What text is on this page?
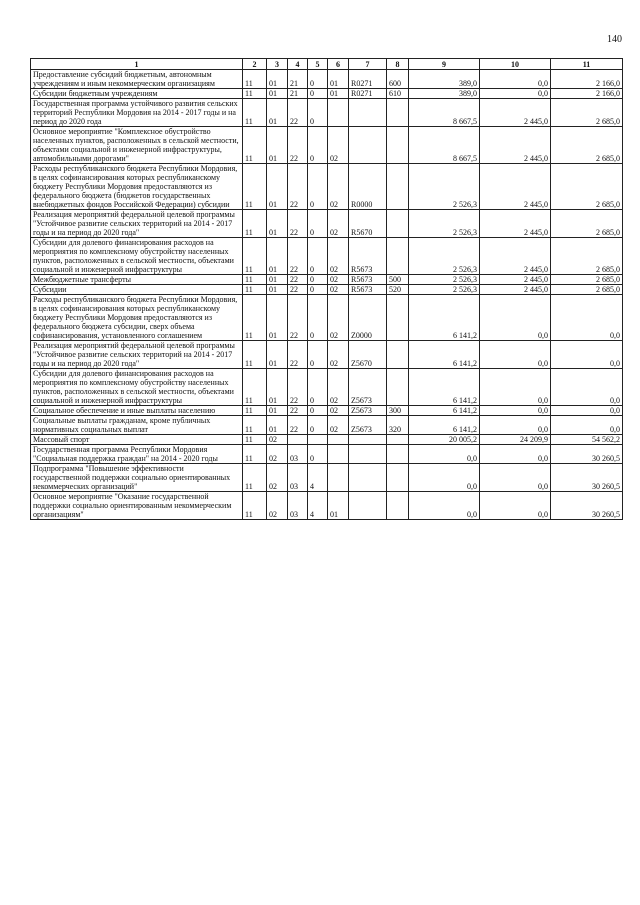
140
1	2	3	4	5	6	7	8	9	10	11
Предоставление субсидий бюджетным, автономным учреждениям и иным некоммерческим организациям	11	01	21	0	01	R0271	600	389,0	0,0	2 166,0
Субсидии бюджетным учреждениям	11	01	21	0	01	R0271	610	389,0	0,0	2 166,0
Государственная программа устойчивого развития сельских территорий Республики Мордовия на 2014 - 2017 годы и на период до 2020 года	11	01	22	0				8 667,5	2 445,0	2 685,0
Основное мероприятие "Комплексное обустройство населенных пунктов, расположенных в сельской местности, объектами социальной и инженерной инфраструктуры, автомобильными дорогами"	11	01	22	0	02			8 667,5	2 445,0	2 685,0
Расходы республиканского бюджета Республики Мордовия, в целях софинансирования которых республиканскому бюджету Республики Мордовия предоставляются из федерального бюджета (бюджетов государственных внебюджетных фондов Российской Федерации) субсидии	11	01	22	0	02	R0000		2 526,3	2 445,0	2 685,0
Реализация мероприятий федеральной целевой программы "Устойчивое развитие сельских территорий на 2014 - 2017 годы и на период до 2020 года"	11	01	22	0	02	R5670		2 526,3	2 445,0	2 685,0
Субсидии для долевого финансирования расходов на мероприятия по комплексному обустройству населенных пунктов, расположенных в сельской местности, объектами социальной и инженерной инфраструктуры	11	01	22	0	02	R5673		2 526,3	2 445,0	2 685,0
Межбюджетные трансферты	11	01	22	0	02	R5673	500	2 526,3	2 445,0	2 685,0
Субсидии	11	01	22	0	02	R5673	520	2 526,3	2 445,0	2 685,0
Расходы республиканского бюджета Республики Мордовия, в целях софинансирования которых республиканскому бюджету Республики Мордовия предоставляются из федерального бюджета субсидии, сверх объема софинансирования, установленного соглашением	11	01	22	0	02	Z0000		6 141,2	0,0	0,0
Реализация мероприятий федеральной целевой программы "Устойчивое развитие сельских территорий на 2014 - 2017 годы и на период до 2020 года"	11	01	22	0	02	Z5670		6 141,2	0,0	0,0
Субсидии для долевого финансирования расходов на мероприятия по комплексному обустройству населенных пунктов, расположенных в сельской местности, объектами социальной и инженерной инфраструктуры	11	01	22	0	02	Z5673		6 141,2	0,0	0,0
Социальное обеспечение и иные выплаты населению	11	01	22	0	02	Z5673	300	6 141,2	0,0	0,0
Социальные выплаты гражданам, кроме публичных нормативных социальных выплат	11	01	22	0	02	Z5673	320	6 141,2	0,0	0,0
Массовый спорт	11	02						20 005,2	24 209,9	54 562,2
Государственная программа Республики Мордовия "Социальная поддержка граждан" на 2014 - 2020 годы	11	02	03	0				0,0	0,0	30 260,5
Подпрограмма "Повышение эффективности государственной поддержки социально ориентированных некоммерческих организаций"	11	02	03	4				0,0	0,0	30 260,5
Основное мероприятие "Оказание государственной поддержки социально ориентированным некоммерческим организациям"	11	02	03	4	01			0,0	0,0	30 260,5
